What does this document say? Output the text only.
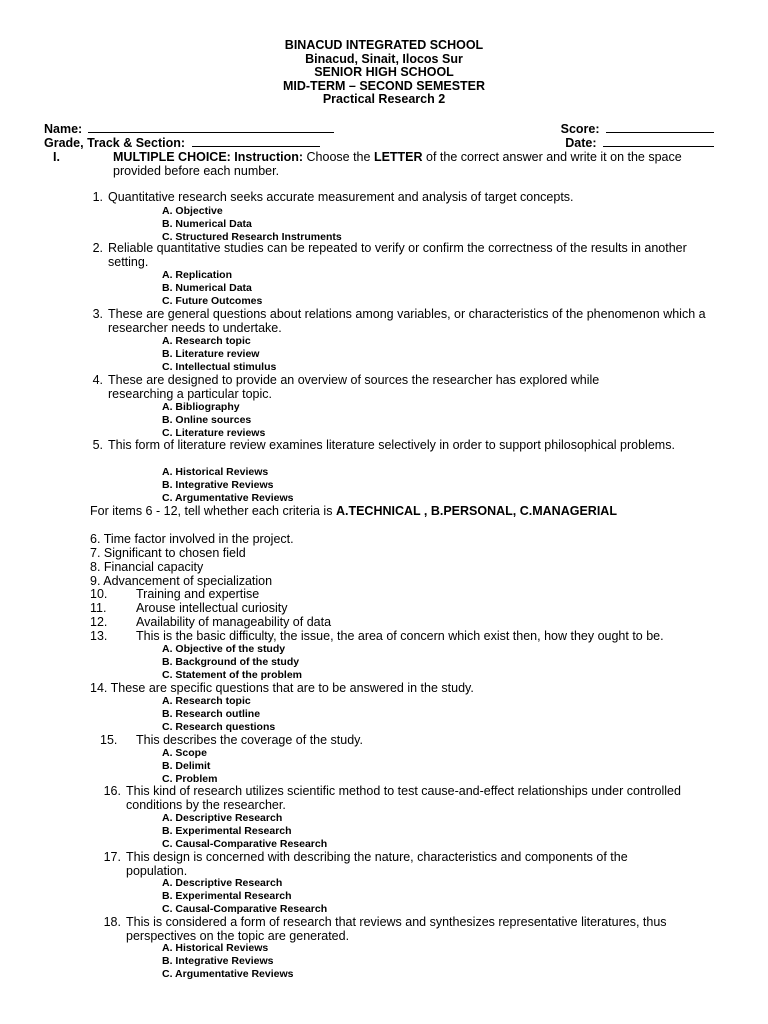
BINACUD INTEGRATED SCHOOL
Binacud, Sinait, Ilocos Sur
SENIOR HIGH SCHOOL
MID-TERM – SECOND SEMESTER
Practical Research 2
Name:	Score:
Grade, Track & Section:	Date:
I.	MULTIPLE CHOICE: Instruction: Choose the LETTER of the correct answer and write it on the space provided before each number.
1. Quantitative research seeks accurate measurement and analysis of target concepts.
A. Objective
B. Numerical Data
C. Structured Research Instruments
2. Reliable quantitative studies can be repeated to verify or confirm the correctness of the results in another setting.
A. Replication
B. Numerical Data
C. Future Outcomes
3. These are general questions about relations among variables, or characteristics of the phenomenon which a researcher needs to undertake.
A. Research topic
B. Literature review
C. Intellectual stimulus
4. These are designed to provide an overview of sources the researcher has explored while researching a particular topic.
A. Bibliography
B. Online sources
C. Literature reviews
5. This form of literature review examines literature selectively in order to support philosophical problems.
A. Historical Reviews
B. Integrative Reviews
C. Argumentative Reviews
For items 6 - 12, tell whether each criteria is A.TECHNICAL , B.PERSONAL, C.MANAGERIAL
6. Time factor involved in the project.
7. Significant to chosen field
8. Financial capacity
9. Advancement of specialization
10. Training and expertise
11. Arouse intellectual curiosity
12. Availability of manageability of data
13. This is the basic difficulty, the issue, the area of concern which exist then, how they ought to be.
A. Objective of the study
B. Background of the study
C. Statement of the problem
14. These are specific questions that are to be answered in the study.
A. Research topic
B. Research outline
C. Research questions
15. This describes the coverage of the study.
A. Scope
B. Delimit
C. Problem
16. This kind of research utilizes scientific method to test cause-and-effect relationships under controlled conditions by the researcher.
A. Descriptive Research
B. Experimental Research
C. Causal-Comparative Research
17. This design is concerned with describing the nature, characteristics and components of the population.
A. Descriptive Research
B. Experimental Research
C. Causal-Comparative Research
18. This is considered a form of research that reviews and synthesizes representative literatures, thus perspectives on the topic are generated.
A. Historical Reviews
B. Integrative Reviews
C. Argumentative Reviews
